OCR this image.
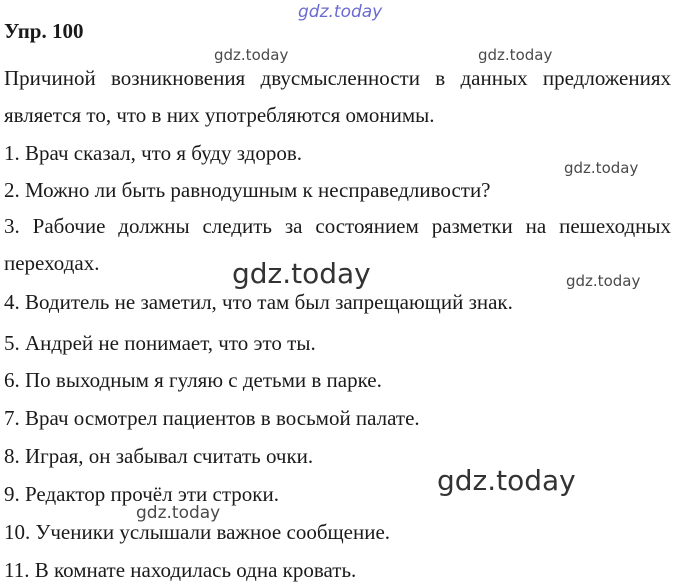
gdz.today
Упр. 100
gdz.today	gdz.today
Причиной возникновения двусмысленности в данных предложениях является то, что в них употребляются омонимы.
1. Врач сказал, что я буду здоров.
gdz.today
2. Можно ли быть равнодушным к несправедливости?
3. Рабочие должны следить за состоянием разметки на пешеходных переходах.	gdz.today	gdz.today
4. Водитель не заметил, что там был запрещающий знак.
5. Андрей не понимает, что это ты.
6. По выходным я гуляю с детьми в парке.
7. Врач осмотрел пациентов в восьмой палате.
8. Играя, он забывал считать очки.
gdz.today
9. Редактор прочёл эти строки.
gdz.today
10. Ученики услышали важное сообщение.
11. В комнате находилась одна кровать.
